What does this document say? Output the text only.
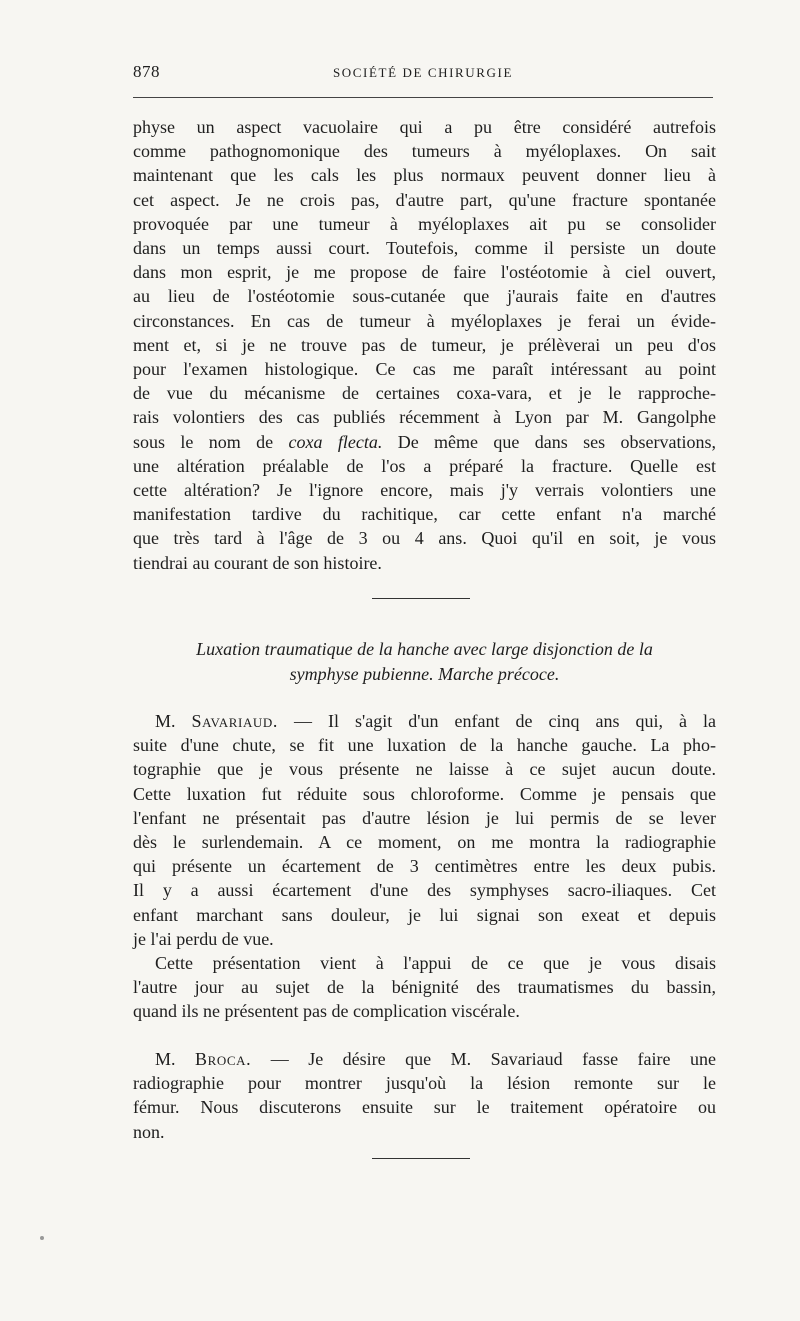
878	SOCIÉTÉ DE CHIRURGIE
physe un aspect vacuolaire qui a pu être considéré autrefois
comme pathognomonique des tumeurs à myéloplaxes. On sait
maintenant que les cals les plus normaux peuvent donner lieu à
cet aspect. Je ne crois pas, d'autre part, qu'une fracture spontanée
provoquée par une tumeur à myéloplaxes ait pu se consolider
dans un temps aussi court. Toutefois, comme il persiste un doute
dans mon esprit, je me propose de faire l'ostéotomie à ciel ouvert,
au lieu de l'ostéotomie sous-cutanée que j'aurais faite en d'autres
circonstances. En cas de tumeur à myéloplaxes je ferai un évide-
ment et, si je ne trouve pas de tumeur, je prélèverai un peu d'os
pour l'examen histologique. Ce cas me paraît intéressant au point
de vue du mécanisme de certaines coxa-vara, et je le rapproche-
rais volontiers des cas publiés récemment à Lyon par M. Gangolphe
sous le nom de coxa flecta. De même que dans ses observations,
une altération préalable de l'os a préparé la fracture. Quelle est
cette altération? Je l'ignore encore, mais j'y verrais volontiers une
manifestation tardive du rachitique, car cette enfant n'a marché
que très tard à l'âge de 3 ou 4 ans. Quoi qu'il en soit, je vous
tiendrai au courant de son histoire.
Luxation traumatique de la hanche avec large disjonction de la
symphyse pubienne. Marche précoce.
M. Savariaud. — Il s'agit d'un enfant de cinq ans qui, à la
suite d'une chute, se fit une luxation de la hanche gauche. La pho-
tographie que je vous présente ne laisse à ce sujet aucun doute.
Cette luxation fut réduite sous chloroforme. Comme je pensais que
l'enfant ne présentait pas d'autre lésion je lui permis de se lever
dès le surlendemain. A ce moment, on me montra la radiographie
qui présente un écartement de 3 centimètres entre les deux pubis.
Il y a aussi écartement d'une des symphyses sacro-iliaques. Cet
enfant marchant sans douleur, je lui signai son exeat et depuis
je l'ai perdu de vue.
Cette présentation vient à l'appui de ce que je vous disais
l'autre jour au sujet de la bénignité des traumatismes du bassin,
quand ils ne présentent pas de complication viscérale.
M. Broca. — Je désire que M. Savariaud fasse faire une
radiographie pour montrer jusqu'où la lésion remonte sur le
fémur. Nous discuterons ensuite sur le traitement opératoire ou
non.
